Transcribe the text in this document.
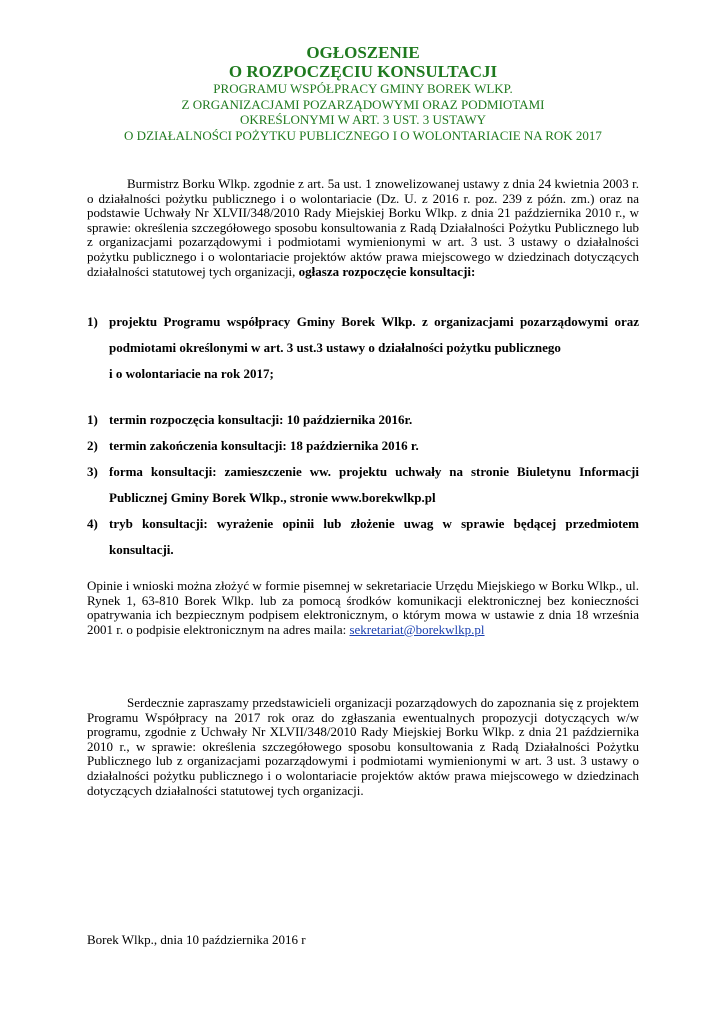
OGŁOSZENIE
O ROZPOCZĘCIU KONSULTACJI
PROGRAMU WSPÓŁPRACY GMINY BOREK WLKP.
Z ORGANIZACJAMI POZARZĄDOWYMI ORAZ PODMIOTAMI
OKREŚLONYMI W ART. 3 UST. 3 USTAWY
O DZIAŁALNOŚCI POŻYTKU PUBLICZNEGO I O WOLONTARIACIE NA ROK 2017
Burmistrz Borku Wlkp. zgodnie z art. 5a ust. 1 znowelizowanej ustawy z dnia 24 kwietnia 2003 r. o działalności pożytku publicznego i o wolontariacie (Dz. U. z 2016 r. poz. 239 z późn. zm.) oraz na podstawie Uchwały Nr XLVII/348/2010 Rady Miejskiej Borku Wlkp. z dnia 21 października 2010 r., w sprawie: określenia szczegółowego sposobu konsultowania z Radą Działalności Pożytku Publicznego lub z organizacjami pozarządowymi i podmiotami wymienionymi w art. 3 ust. 3 ustawy o działalności pożytku publicznego i o wolontariacie projektów aktów prawa miejscowego w dziedzinach dotyczących działalności statutowej tych organizacji, ogłasza rozpoczęcie konsultacji:
1) projektu Programu współpracy Gminy Borek Wlkp. z organizacjami pozarządowymi oraz podmiotami określonymi w art. 3 ust.3 ustawy o działalności pożytku publicznego
i o wolontariacie na rok 2017;
1) termin rozpoczęcia konsultacji: 10 października 2016r.
2) termin zakończenia konsultacji: 18 października 2016 r.
3) forma konsultacji: zamieszczenie ww. projektu uchwały na stronie Biuletynu Informacji Publicznej Gminy Borek Wlkp., stronie www.borekwlkp.pl
4) tryb konsultacji: wyrażenie opinii lub złożenie uwag w sprawie będącej przedmiotem konsultacji.
Opinie i wnioski można złożyć w formie pisemnej w sekretariacie Urzędu Miejskiego w Borku Wlkp., ul. Rynek 1, 63-810 Borek Wlkp. lub za pomocą środków komunikacji elektronicznej bez konieczności opatrywania ich bezpiecznym podpisem elektronicznym, o którym mowa w ustawie z dnia 18 września 2001 r. o podpisie elektronicznym na adres maila: sekretariat@borekwlkp.pl
Serdecznie zapraszamy przedstawicieli organizacji pozarządowych do zapoznania się z projektem Programu Współpracy na 2017 rok oraz do zgłaszania ewentualnych propozycji dotyczących w/w programu, zgodnie z Uchwały Nr XLVII/348/2010 Rady Miejskiej Borku Wlkp. z dnia 21 października 2010 r., w sprawie: określenia szczegółowego sposobu konsultowania z Radą Działalności Pożytku Publicznego lub z organizacjami pozarządowymi i podmiotami wymienionymi w art. 3 ust. 3 ustawy o działalności pożytku publicznego i o wolontariacie projektów aktów prawa miejscowego w dziedzinach dotyczących działalności statutowej tych organizacji.
Borek Wlkp., dnia 10 października 2016 r
